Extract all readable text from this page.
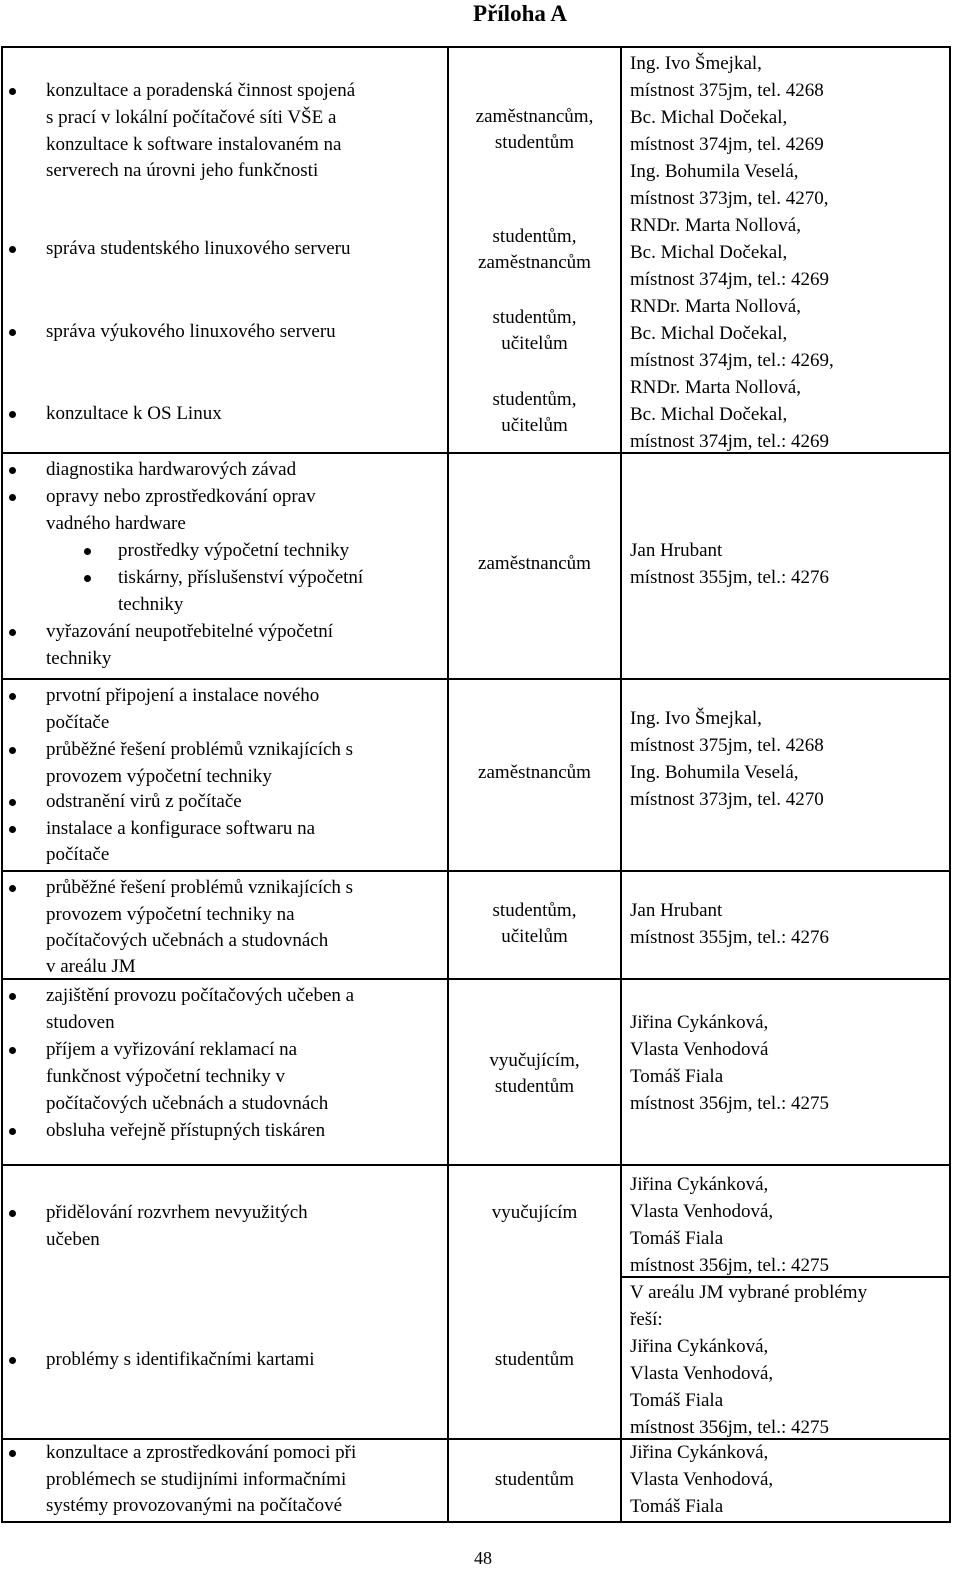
Příloha A
konzultace a poradenská činnost spojená
s prací v lokální počítačové síti VŠE a
konzultace k software instalovaném na
serverech na úrovni jeho funkčnosti
správa studentského linuxového serveru
správa výukového linuxového serveru
konzultace k OS Linux
zaměstnancům,
studentům
studentům,
zaměstnancům
studentům,
učitelům
studentům,
učitelům
Ing. Ivo Šmejkal,
místnost 375jm, tel. 4268
Bc. Michal Dočekal,
místnost 374jm, tel. 4269
Ing. Bohumila Veselá,
místnost 373jm, tel. 4270,
RNDr. Marta Nollová,
Bc. Michal Dočekal,
místnost 374jm, tel.: 4269
RNDr. Marta Nollová,
Bc. Michal Dočekal,
místnost 374jm, tel.: 4269,
RNDr. Marta Nollová,
Bc. Michal Dočekal,
místnost 374jm, tel.: 4269
diagnostika hardwarových závad
opravy nebo zprostředkování oprav
vadného hardware
prostředky výpočetní techniky
tiskárny, příslušenství výpočetní
techniky
vyřazování neupotřebitelné výpočetní
techniky
zaměstnancům
Jan Hrubant
místnost 355jm, tel.: 4276
prvotní připojení a instalace nového
počítače
průběžné řešení problémů vznikajících s
provozem výpočetní techniky
odstranění virů z počítače
instalace a konfigurace softwaru na
počítače
zaměstnancům
Ing. Ivo Šmejkal,
místnost 375jm, tel. 4268
Ing. Bohumila Veselá,
místnost 373jm, tel. 4270
průběžné řešení problémů vznikajících s
provozem výpočetní techniky na
počítačových učebnách a studovnách
v areálu JM
studentům,
učitelům
Jan Hrubant
místnost 355jm, tel.: 4276
zajištění provozu počítačových učeben a
studoven
příjem a vyřizování reklamací na
funkčnost výpočetní techniky v
počítačových učebnách a studovnách
obsluha veřejně přístupných tiskáren
vyučujícím,
studentům
Jiřina Cykánková,
Vlasta Venhodová
Tomáš Fiala
místnost 356jm, tel.: 4275
přidělování rozvrhem nevyužitých
učeben
vyučujícím
Jiřina Cykánková,
Vlasta Venhodová,
Tomáš Fiala
místnost 356jm, tel.: 4275
problémy s identifikačními kartami	studentům
V areálu JM vybrané problémy
řeší:
Jiřina Cykánková,
Vlasta Venhodová,
Tomáš Fiala
místnost 356jm, tel.: 4275
konzultace a zprostředkování pomoci při
problémech se studijními informačními
systémy provozovanými na počítačové
studentům
Jiřina Cykánková,
Vlasta Venhodová,
Tomáš Fiala
48
